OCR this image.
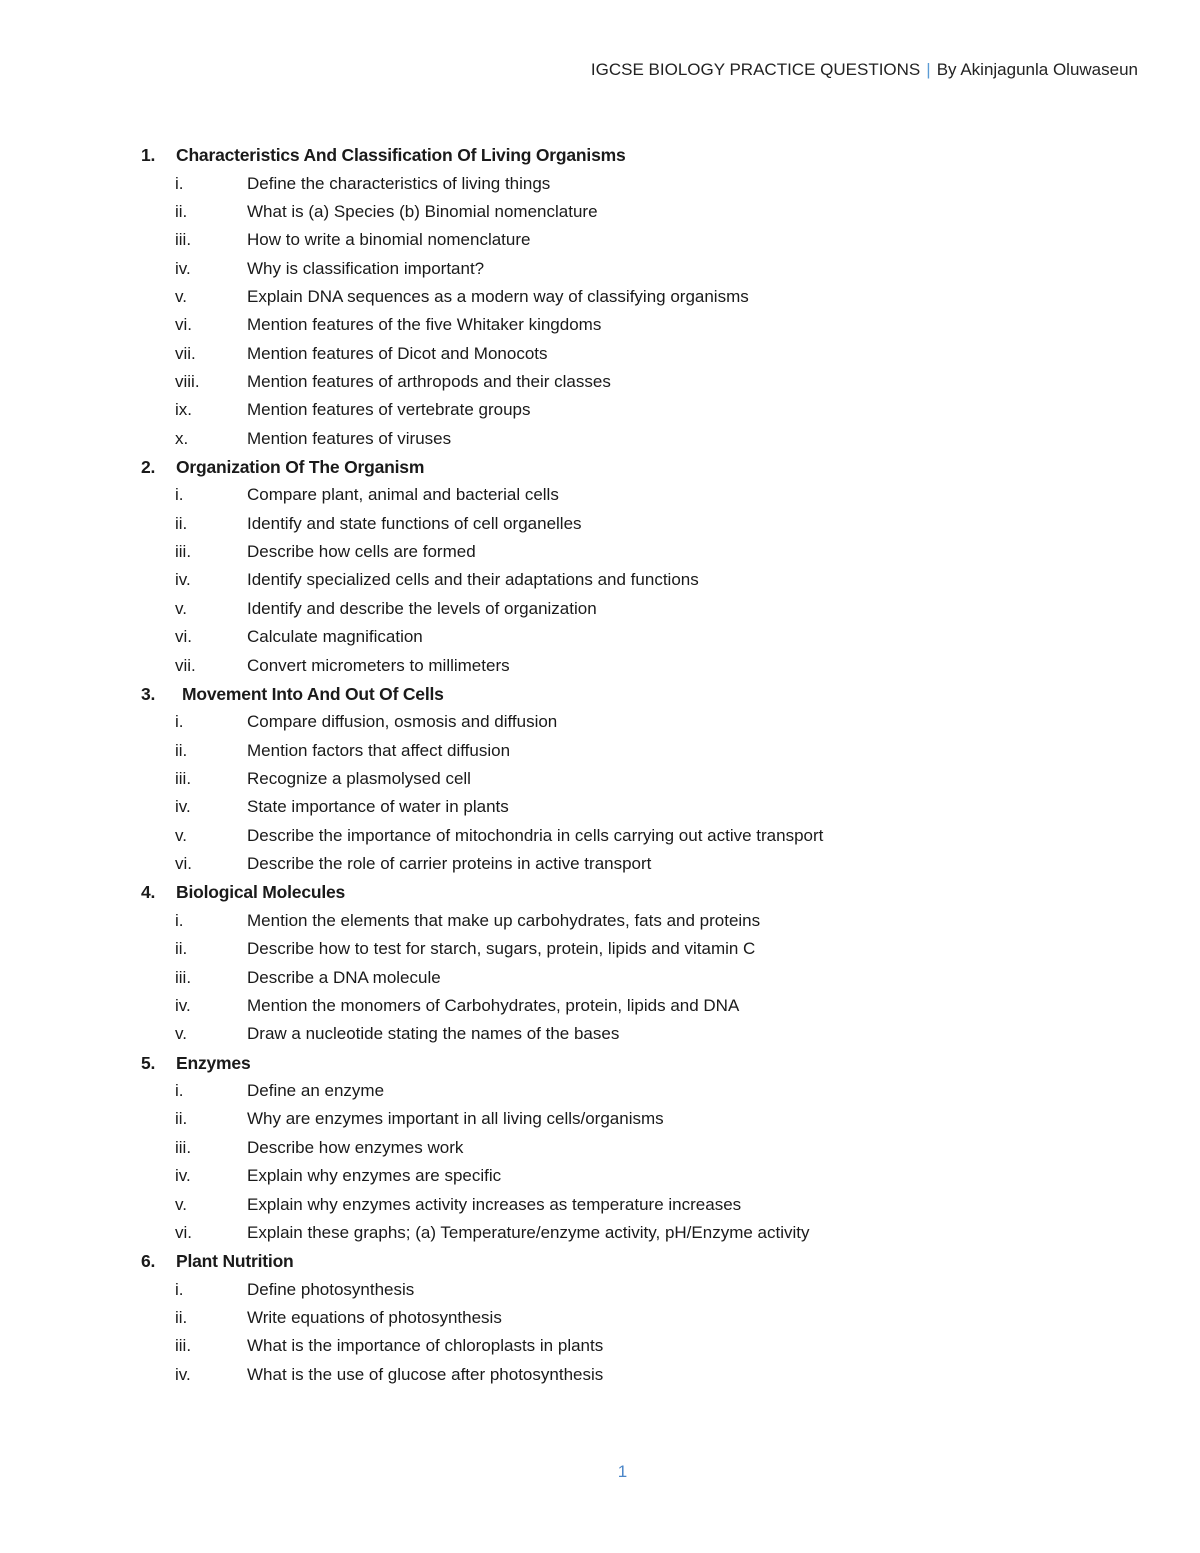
IGCSE BIOLOGY PRACTICE QUESTIONS | By Akinjagunla Oluwaseun
1.	Characteristics And Classification Of Living Organisms
i.	Define the characteristics of living things
ii.	What is (a) Species (b) Binomial nomenclature
iii.	How to write a binomial nomenclature
iv.	Why is classification important?
v.	Explain DNA sequences as a modern way of classifying organisms
vi.	Mention features of the five Whitaker kingdoms
vii.	Mention features of Dicot and Monocots
viii.	Mention features of arthropods and their classes
ix.	Mention features of vertebrate groups
x.	Mention features of viruses
2.	Organization Of The Organism
i.	Compare plant, animal and bacterial cells
ii.	Identify and state functions of cell organelles
iii.	Describe how cells are formed
iv.	Identify specialized cells and their adaptations and functions
v.	Identify and describe the levels of organization
vi.	Calculate magnification
vii.	Convert micrometers to millimeters
3.	Movement Into And Out Of Cells
i.	Compare diffusion, osmosis and diffusion
ii.	Mention factors that affect diffusion
iii.	Recognize a plasmolysed cell
iv.	State importance of water in plants
v.	Describe the importance of mitochondria in cells carrying out active transport
vi.	Describe the role of carrier proteins in active transport
4.	Biological Molecules
i.	Mention the elements that make up carbohydrates, fats and proteins
ii.	Describe how to test for starch, sugars, protein, lipids and vitamin C
iii.	Describe a DNA molecule
iv.	Mention the monomers of Carbohydrates, protein, lipids and DNA
v.	Draw a nucleotide stating the names of the bases
5.	Enzymes
i.	Define an enzyme
ii.	Why are enzymes important in all living cells/organisms
iii.	Describe how enzymes work
iv.	Explain why enzymes are specific
v.	Explain why enzymes activity increases as temperature increases
vi.	Explain these graphs; (a) Temperature/enzyme activity, pH/Enzyme activity
6.	Plant Nutrition
i.	Define photosynthesis
ii.	Write equations of photosynthesis
iii.	What is the importance of chloroplasts in plants
iv.	What is the use of glucose after photosynthesis
1
